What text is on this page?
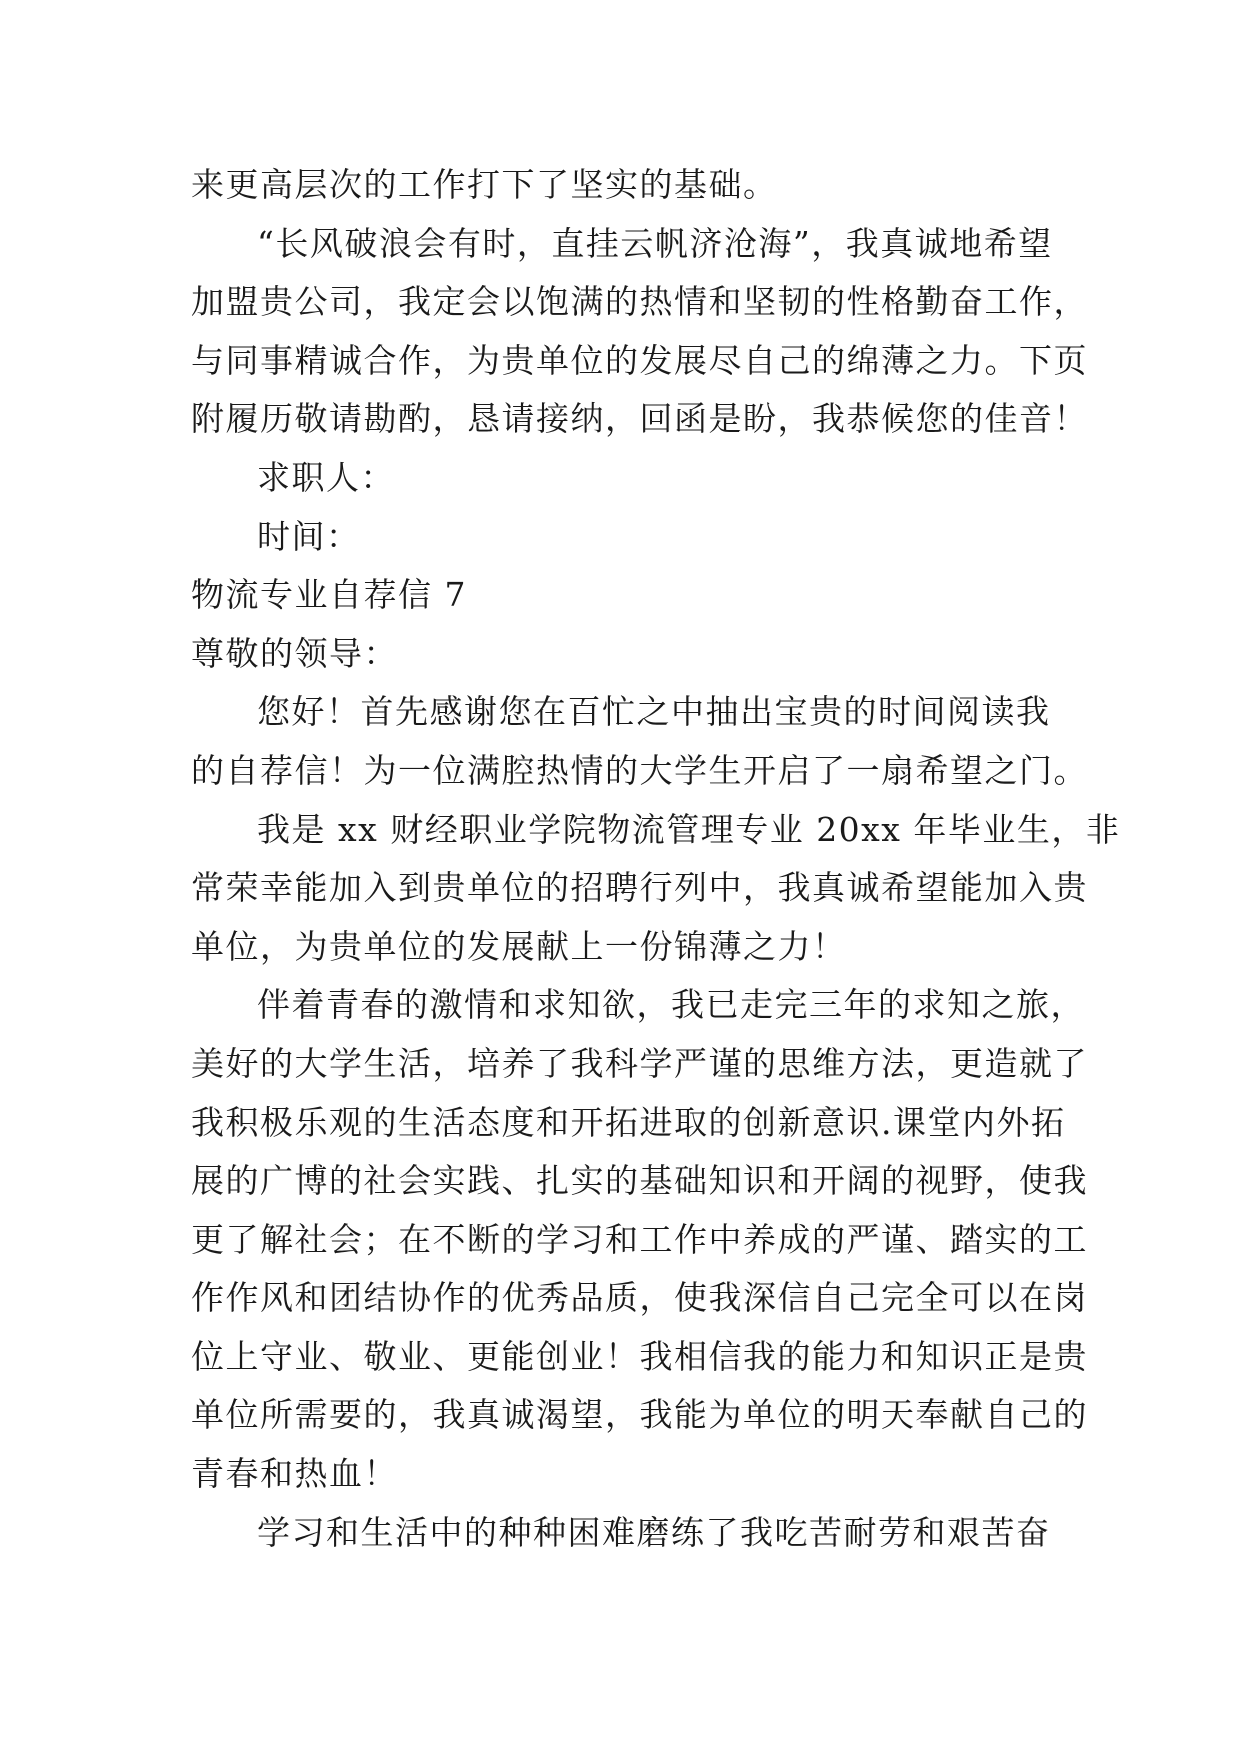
来更高层次的工作打下了坚实的基础。

“长风破浪会有时，直挂云帆济沧海”，我真诚地希望
加盟贵公司，我定会以饱满的热情和坚韧的性格勤奋工作，
与同事精诚合作，为贵单位的发展尽自己的绵薄之力。下页
附履历敬请勘酌，恳请接纳，回函是盼，我恭候您的佳音！

求职人：

时间：

物流专业自荐信 7

尊敬的领导：

您好！首先感谢您在百忙之中抽出宝贵的时间阅读我
的自荐信！为一位满腔热情的大学生开启了一扇希望之门。

我是 xx 财经职业学院物流管理专业 20xx 年毕业生，非
常荣幸能加入到贵单位的招聘行列中，我真诚希望能加入贵
单位，为贵单位的发展献上一份锦薄之力！

伴着青春的激情和求知欲，我已走完三年的求知之旅，
美好的大学生活，培养了我科学严谨的思维方法，更造就了
我积极乐观的生活态度和开拓进取的创新意识.课堂内外拓
展的广博的社会实践、扎实的基础知识和开阔的视野，使我
更了解社会；在不断的学习和工作中养成的严谨、踏实的工
作作风和团结协作的优秀品质，使我深信自己完全可以在岗
位上守业、敬业、更能创业！我相信我的能力和知识正是贵
单位所需要的，我真诚渴望，我能为单位的明天奉献自己的
青春和热血！

学习和生活中的种种困难磨练了我吃苦耐劳和艰苦奋
